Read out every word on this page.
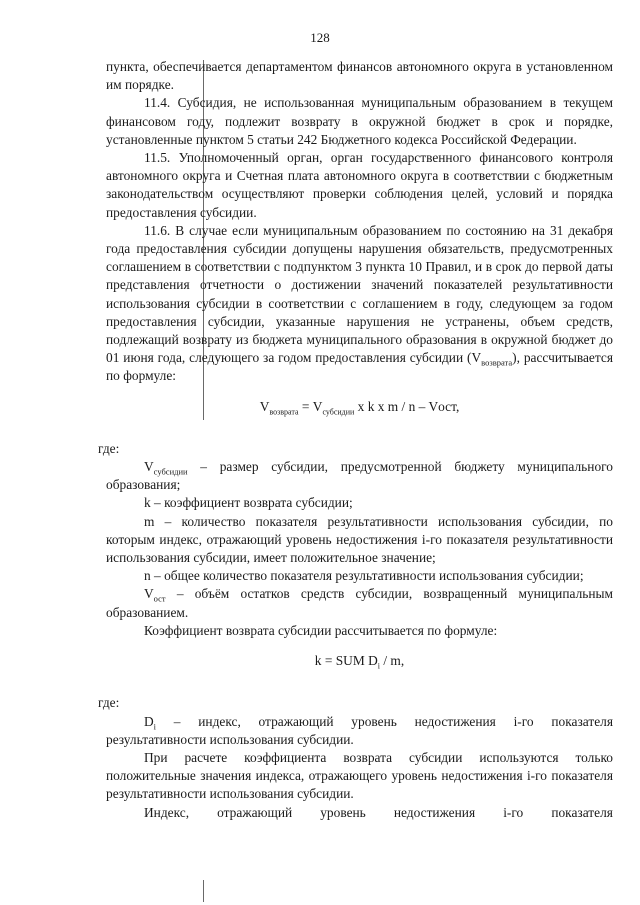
128

пункта, обеспечивается департаментом финансов автономного округа в установленном им порядке.

11.4. Субсидия, не использованная муниципальным образованием в текущем финансовом году, подлежит возврату в окружной бюджет в срок и порядке, установленные пунктом 5 статьи 242 Бюджетного кодекса Российской Федерации.

11.5. Уполномоченный орган, орган государственного финансового контроля автономного округа и Счетная плата автономного округа в соответствии с бюджетным законодательством осуществляют проверки соблюдения целей, условий и порядка предоставления субсидии.

11.6. В случае если муниципальным образованием по состоянию на 31 декабря года предоставления субсидии допущены нарушения обязательств, предусмотренных соглашением в соответствии с подпунктом 3 пункта 10 Правил, и в срок до первой даты представления отчетности о достижении значений показателей результативности использования субсидии в соответствии с соглашением в году, следующем за годом предоставления субсидии, указанные нарушения не устранены, объем средств, подлежащий возврату из бюджета муниципального образования в окружной бюджет до 01 июня года, следующего за годом предоставления субсидии $(V_{возврата})$, рассчитывается по формуле:

$V_{возврата} = V_{субсидии}$ x k x m / n – Vост,

где:

$V_{субсидии}$ – размер субсидии, предусмотренной бюджету муниципального образования;

k – коэффициент возврата субсидии;

m – количество показателя результативности использования субсидии, по которым индекс, отражающий уровень недостижения i-го показателя результативности использования субсидии, имеет положительное значение;

n – общее количество показателя результативности использования субсидии;

$V_{ост}$ – объём остатков средств субсидии, возвращенный муниципальным образованием.

Коэффициент возврата субсидии рассчитывается по формуле:

k = SUM $D_i$ / m,

где:

$D_i$ – индекс, отражающий уровень недостижения i-го показателя результативности использования субсидии.

При расчете коэффициента возврата субсидии используются только положительные значения индекса, отражающего уровень недостижения i-го показателя результативности использования субсидии.

Индекс, отражающий уровень недостижения i-го показателя
